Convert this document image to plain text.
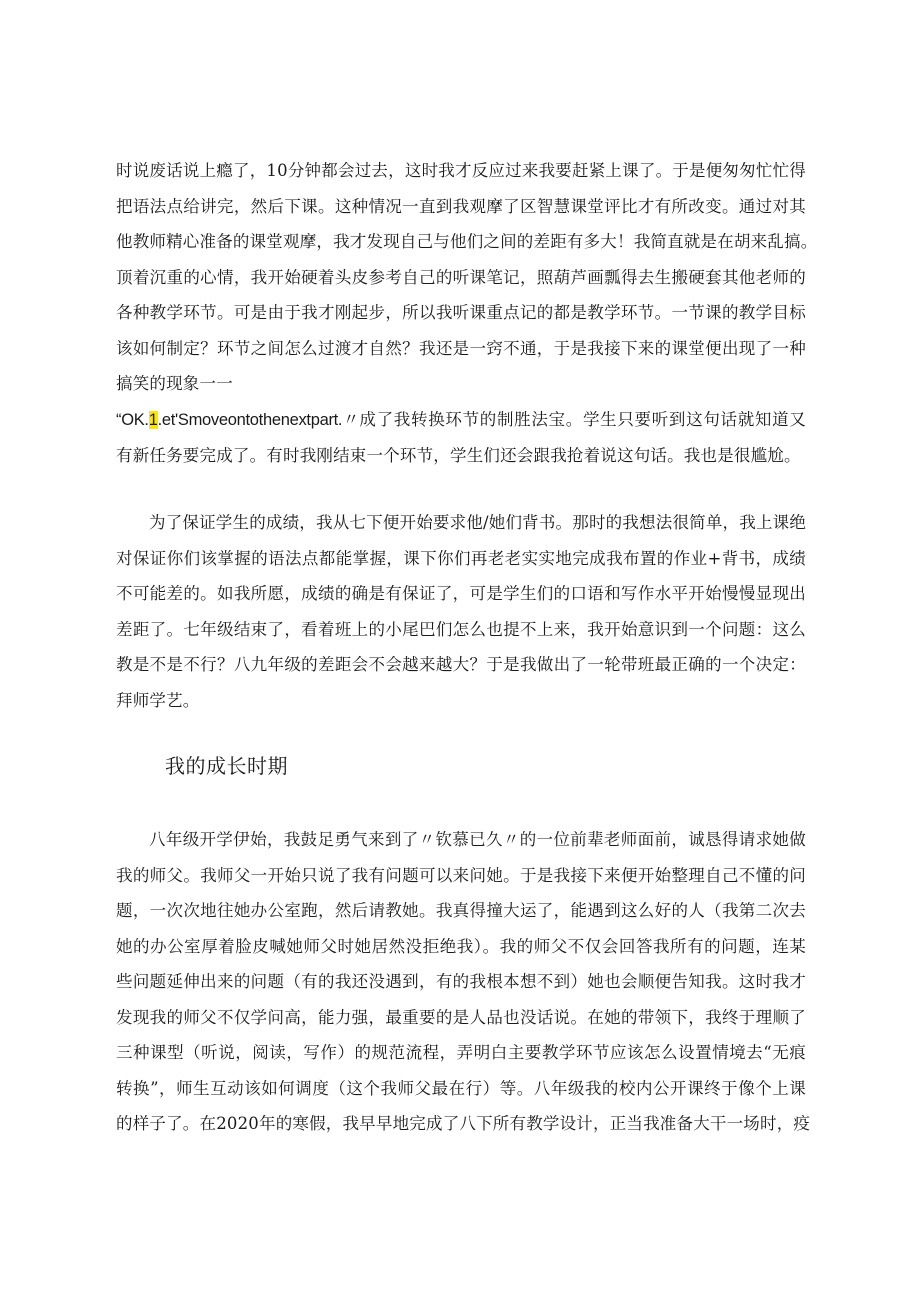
时说废话说上瘾了，10分钟都会过去，这时我才反应过来我要赶紧上课了。于是便匆匆忙忙得
把语法点给讲完，然后下课。这种情况一直到我观摩了区智慧课堂评比才有所改变。通过对其
他教师精心准备的课堂观摩，我才发现自己与他们之间的差距有多大！我简直就是在胡来乱搞。
顶着沉重的心情，我开始硬着头皮参考自己的听课笔记，照葫芦画瓢得去生搬硬套其他老师的
各种教学环节。可是由于我才刚起步，所以我听课重点记的都是教学环节。一节课的教学目标
该如何制定？环节之间怎么过渡才自然？我还是一窍不通，于是我接下来的课堂便出现了一种
搞笑的现象一一
“OK.1.et'Smoveontothenextpart.〃成了我转换环节的制胜法宝。学生只要听到这句话就知道又
有新任务要完成了。有时我刚结束一个环节，学生们还会跟我抢着说这句话。我也是很尴尬。
为了保证学生的成绩，我从七下便开始要求他/她们背书。那时的我想法很简单，我上课绝
对保证你们该掌握的语法点都能掌握，课下你们再老老实实地完成我布置的作业+背书，成绩
不可能差的。如我所愿，成绩的确是有保证了，可是学生们的口语和写作水平开始慢慢显现出
差距了。七年级结束了，看着班上的小尾巴们怎么也提不上来，我开始意识到一个问题：这么
教是不是不行？八九年级的差距会不会越来越大？于是我做出了一轮带班最正确的一个决定：
拜师学艺。
我的成长时期
八年级开学伊始，我鼓足勇气来到了〃钦慕已久〃的一位前辈老师面前，诚恳得请求她做
我的师父。我师父一开始只说了我有问题可以来问她。于是我接下来便开始整理自己不懂的问
题，一次次地往她办公室跑，然后请教她。我真得撞大运了，能遇到这么好的人（我第二次去
她的办公室厚着脸皮喊她师父时她居然没拒绝我）。我的师父不仅会回答我所有的问题，连某
些问题延伸出来的问题（有的我还没遇到，有的我根本想不到）她也会顺便告知我。这时我才
发现我的师父不仅学问高，能力强，最重要的是人品也没话说。在她的带领下，我终于理顺了
三种课型（听说，阅读，写作）的规范流程，弄明白主要教学环节应该怎么设置情境去“无痕
转换”，师生互动该如何调度（这个我师父最在行）等。八年级我的校内公开课终于像个上课
的样子了。在2020年的寒假，我早早地完成了八下所有教学设计，正当我准备大干一场时，疫
